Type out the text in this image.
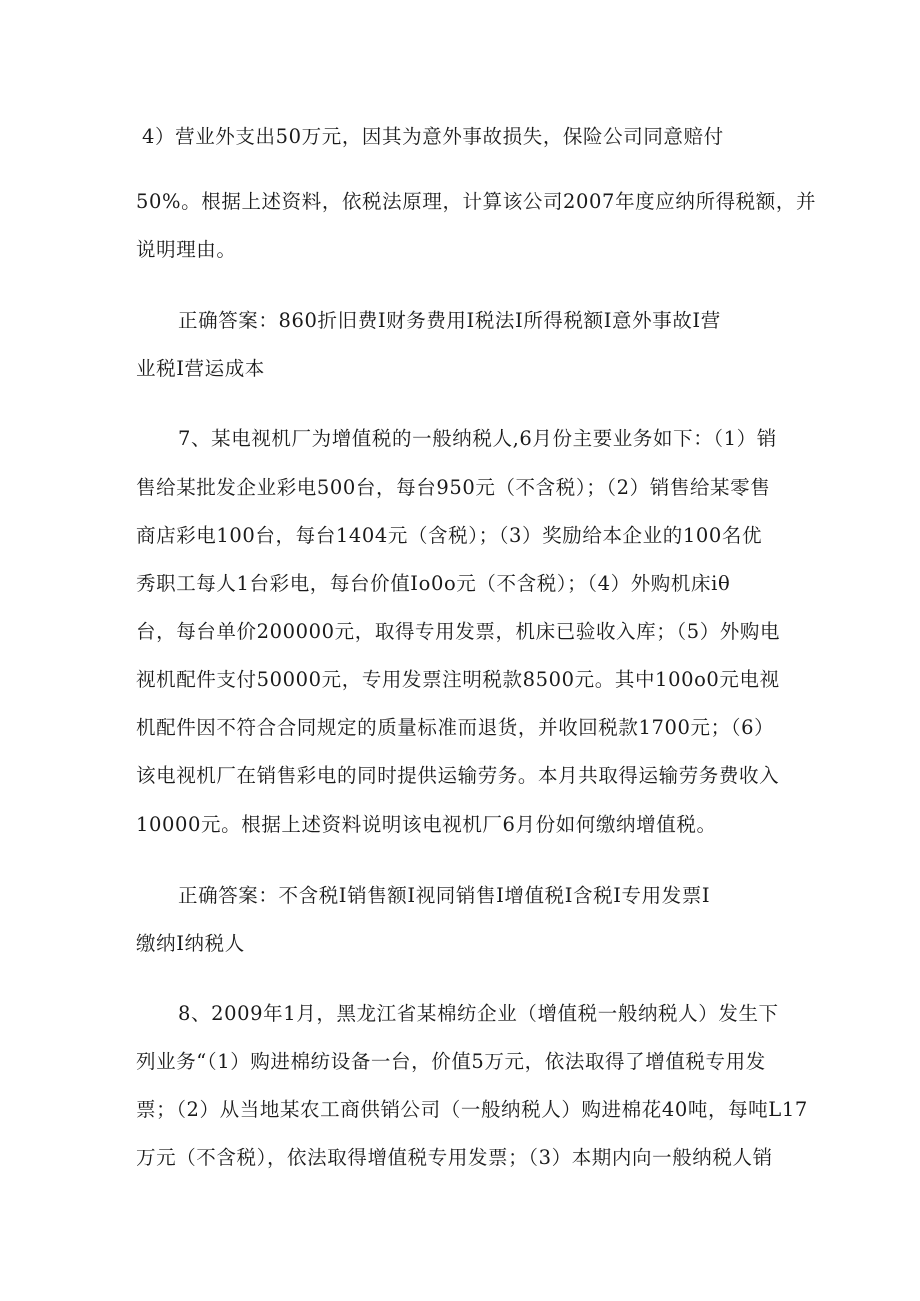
4）营业外支出50万元，因其为意外事故损失，保险公司同意赔付
50%。根据上述资料，依税法原理，计算该公司2007年度应纳所得税额，并
说明理由。
正确答案：860折旧费I财务费用I税法I所得税额I意外事故I营
业税I营运成本
7、某电视机厂为增值税的一般纳税人,6月份主要业务如下：（1）销
售给某批发企业彩电500台，每台950元（不含税）；（2）销售给某零售
商店彩电100台，每台1404元（含税）；（3）奖励给本企业的100名优
秀职工每人1台彩电，每台价值Io0o元（不含税）；（4）外购机床iθ
台，每台单价200000元，取得专用发票，机床已验收入库；（5）外购电
视机配件支付50000元，专用发票注明税款8500元。其中100o0元电视
机配件因不符合合同规定的质量标准而退货，并收回税款1700元；（6）
该电视机厂在销售彩电的同时提供运输劳务。本月共取得运输劳务费收入
10000元。根据上述资料说明该电视机厂6月份如何缴纳增值税。
正确答案：不含税I销售额I视同销售I增值税I含税I专用发票I
缴纳I纳税人
8、2009年1月，黑龙江省某棉纺企业（增值税一般纳税人）发生下
列业务“（1）购进棉纺设备一台，价值5万元，依法取得了增值税专用发
票；（2）从当地某农工商供销公司（一般纳税人）购进棉花40吨，每吨L17
万元（不含税），依法取得增值税专用发票；（3）本期内向一般纳税人销
